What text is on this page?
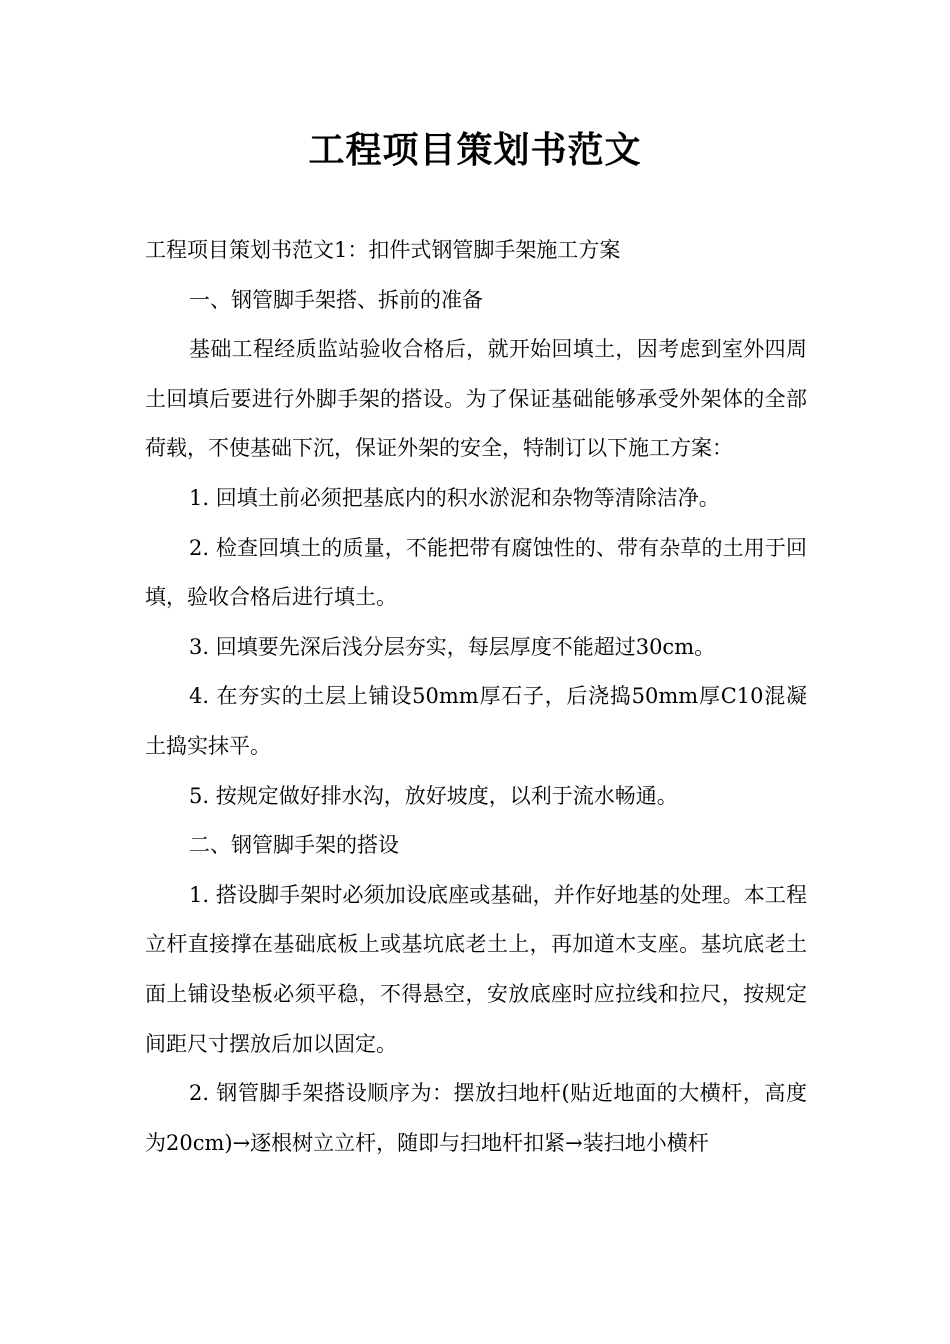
工程项目策划书范文

工程项目策划书范文1：扣件式钢管脚手架施工方案

一、钢管脚手架搭、拆前的准备

基础工程经质监站验收合格后，就开始回填土，因考虑到室外四周土回填后要进行外脚手架的搭设。为了保证基础能够承受外架体的全部荷载，不使基础下沉，保证外架的安全，特制订以下施工方案：

1. 回填土前必须把基底内的积水淤泥和杂物等清除洁净。

2. 检查回填土的质量，不能把带有腐蚀性的、带有杂草的土用于回填，验收合格后进行填土。

3. 回填要先深后浅分层夯实，每层厚度不能超过30cm。

4. 在夯实的土层上铺设50mm厚石子，后浇捣50mm厚C10混凝土捣实抹平。

5. 按规定做好排水沟，放好坡度，以利于流水畅通。

二、钢管脚手架的搭设

1. 搭设脚手架时必须加设底座或基础，并作好地基的处理。本工程立杆直接撑在基础底板上或基坑底老土上，再加道木支座。基坑底老土面上铺设垫板必须平稳，不得悬空，安放底座时应拉线和拉尺，按规定间距尺寸摆放后加以固定。

2. 钢管脚手架搭设顺序为：摆放扫地杆(贴近地面的大横杆，高度为20cm)→逐根树立立杆，随即与扫地杆扣紧→装扫地小横杆
